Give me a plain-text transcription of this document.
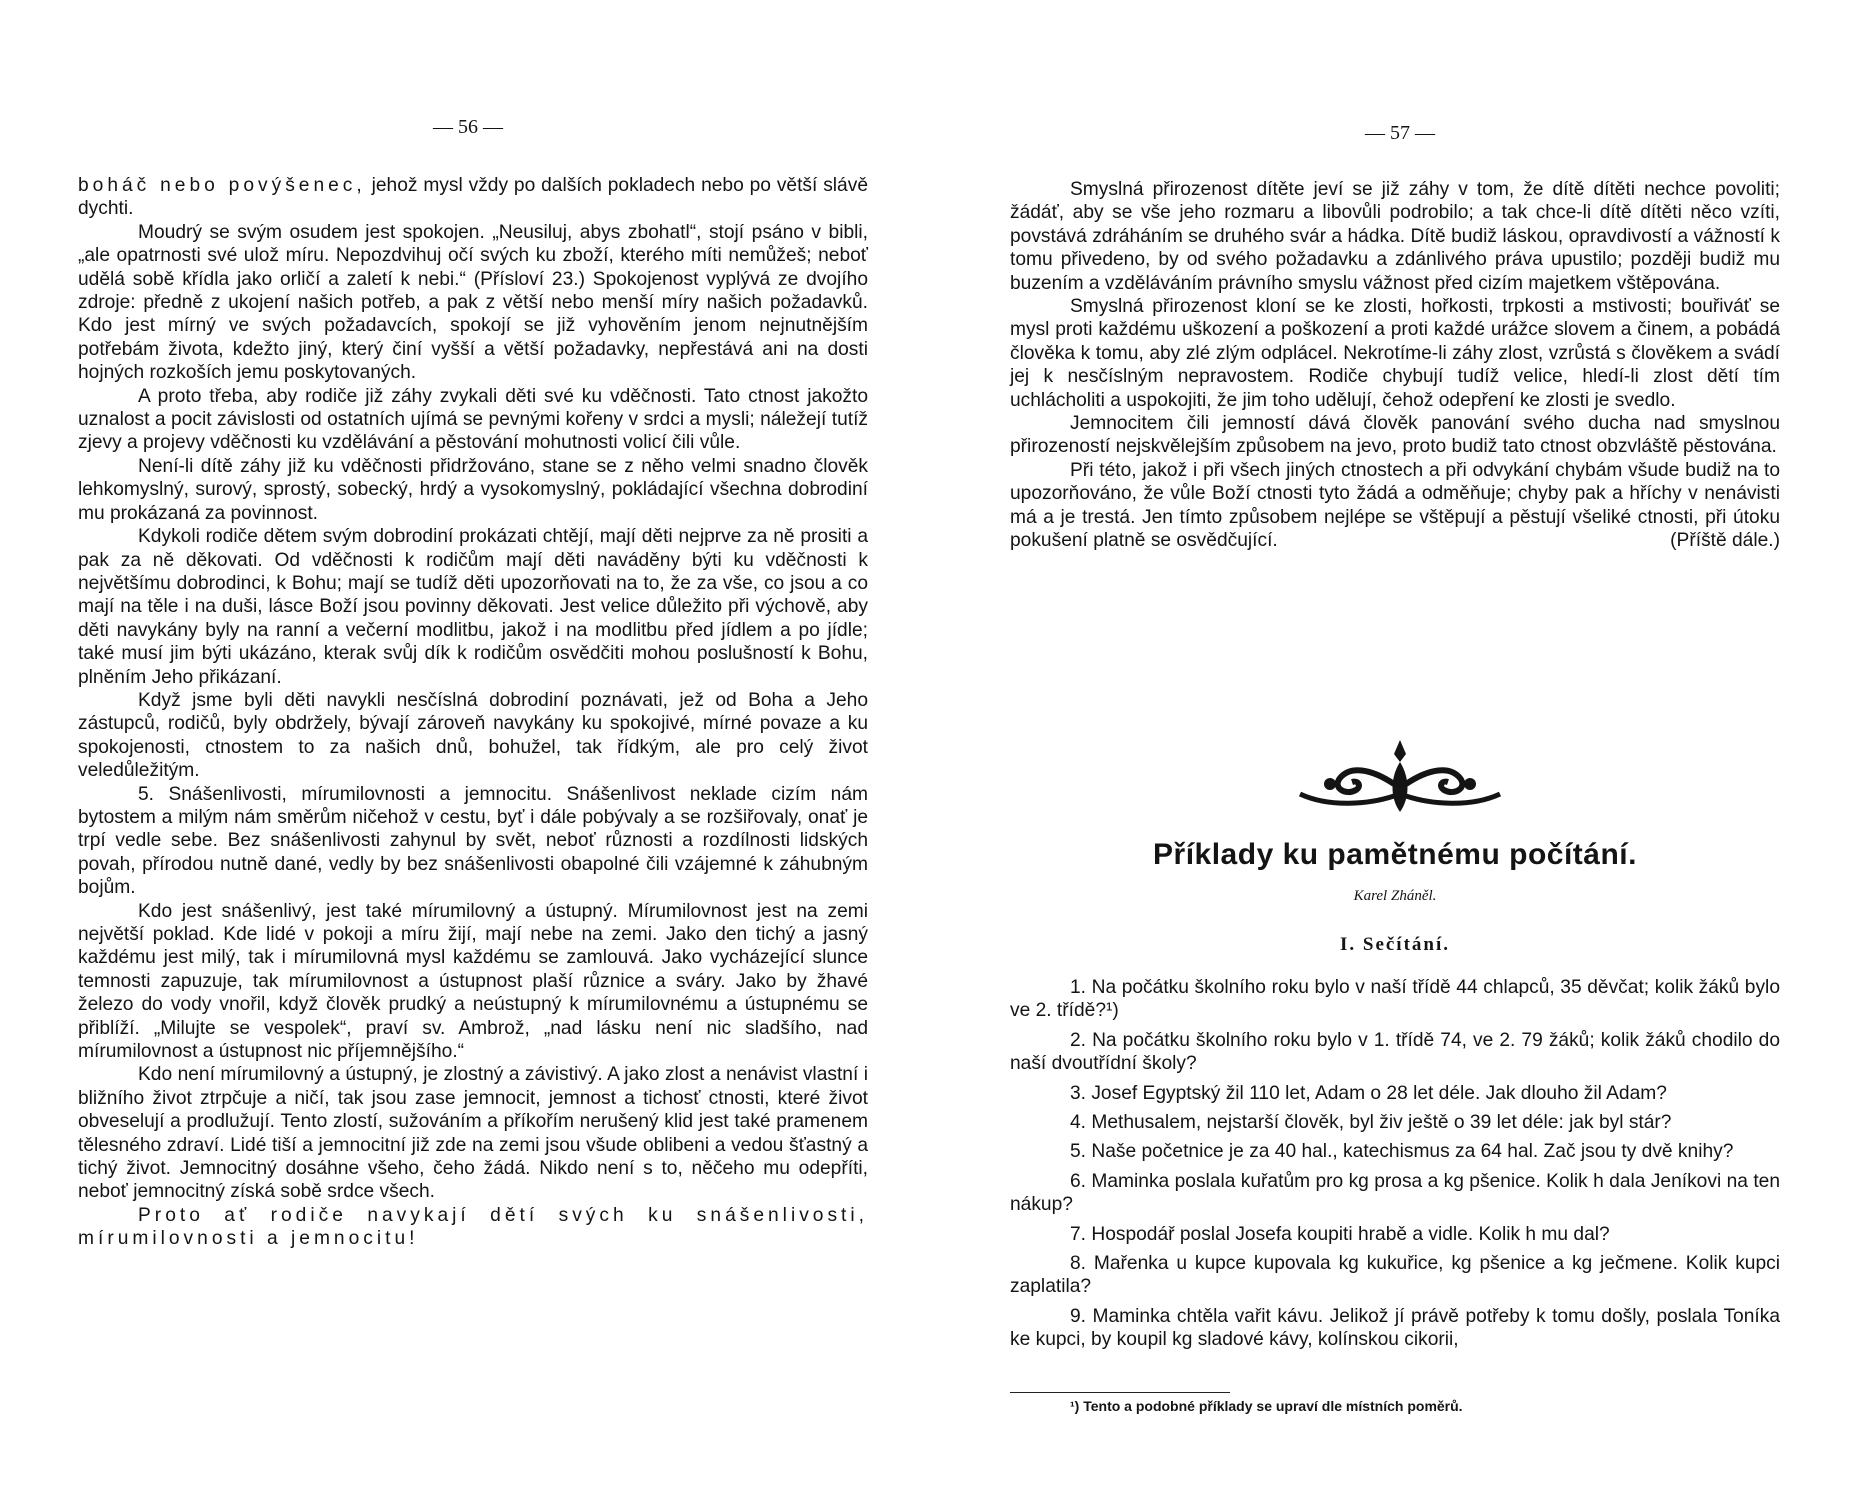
— 56 —

boháč nebo povýšenec, jehož mysl vždy po dalších pokladech nebo po větší slávě dychti.

Moudrý se svým osudem jest spokojen. „Neusiluj, abys zbohatl“, stojí psáno v bibli, „ale opatrnosti své ulož míru. Nepozdvihuj očí svých ku zboží, kterého míti nemůžeš; neboť udělá sobě křídla jako orličí a zaletí k nebi.“ (Přísloví 23.) Spokojenost vyplývá ze dvojího zdroje: předně z ukojení našich potřeb, a pak z větší nebo menší míry našich požadavků. Kdo jest mírný ve svých požadavcích, spokojí se již vyhověním jenom nejnutnějším potřebám života, kdežto jiný, který činí vyšší a větší požadavky, nepřestává ani na dosti hojných rozkoších jemu poskytovaných.

A proto třeba, aby rodiče již záhy zvykali děti své ku vděčnosti. Tato ctnost jakožto uznalost a pocit závislosti od ostatních ujímá se pevnými kořeny v srdci a mysli; náležejí tutíž zjevy a projevy vděčnosti ku vzdělávání a pěstování mohutnosti volicí čili vůle.

Není-li dítě záhy již ku vděčnosti přidržováno, stane se z něho velmi snadno člověk lehkomyslný, surový, sprostý, sobecký, hrdý a vysokomyslný, pokládající všechna dobrodiní mu prokázaná za povinnost.

Kdykoli rodiče dětem svým dobrodiní prokázati chtějí, mají děti nejprve za ně prositi a pak za ně děkovati. Od vděčnosti k rodičům mají děti naváděny býti ku vděčnosti k největšímu dobrodinci, k Bohu; mají se tudíž děti upozorňovati na to, že za vše, co jsou a co mají na těle i na duši, lásce Boží jsou povinny děkovati. Jest velice důležito při výchově, aby děti navykány byly na ranní a večerní modlitbu, jakož i na modlitbu před jídlem a po jídle; také musí jim býti ukázáno, kterak svůj dík k rodičům osvědčiti mohou poslušností k Bohu, plněním Jeho přikázaní.

Když jsme byli děti navykli nesčíslná dobrodiní poznávati, jež od Boha a Jeho zástupců, rodičů, byly obdržely, bývají zároveň navykány ku spokojivé, mírné povaze a ku spokojenosti, ctnostem to za našich dnů, bohužel, tak řídkým, ale pro celý život veledůležitým.

5. Snášenlivosti, mírumilovnosti a jemnocitu. Snášenlivost neklade cizím nám bytostem a milým nám směrům ničehož v cestu, byť i dále pobývaly a se rozšiřovaly, onať je trpí vedle sebe. Bez snášenlivosti zahynul by svět, neboť různosti a rozdílnosti lidských povah, přírodou nutně dané, vedly by bez snášenlivosti obapolné čili vzájemné k záhubným bojům.

Kdo jest snášenlivý, jest také mírumilovný a ústupný. Mírumilovnost jest na zemi největší poklad. Kde lidé v pokoji a míru žijí, mají nebe na zemi. Jako den tichý a jasný každému jest milý, tak i mírumilovná mysl každému se zamlouvá. Jako vycházející slunce temnosti zapuzuje, tak mírumilovnost a ústupnost plaší různice a sváry. Jako by žhavé železo do vody vnořil, když člověk prudký a neústupný k mírumilovnému a ústupnému se přiblíží. „Milujte se vespolek“, praví sv. Ambrož, „nad lásku není nic sladšího, nad mírumilovnost a ústupnost nic příjemnějšího.“

Kdo není mírumilovný a ústupný, je zlostný a závistivý. A jako zlost a nenávist vlastní i bližního život ztrpčuje a ničí, tak jsou zase jemnocit, jemnost a tichosť ctnosti, které život obveselují a prodlužují. Tento zlostí, sužováním a příkořím nerušený klid jest také pramenem tělesného zdraví. Lidé tiší a jemnocitní již zde na zemi jsou všude oblibeni a vedou šťastný a tichý život. Jemnocitný dosáhne všeho, čeho žádá. Nikdo není s to, něčeho mu odepříti, neboť jemnocitný získá sobě srdce všech.

Proto ať rodiče navykají dětí svých ku snášenlivosti, mírumilovnosti a jemnocitu!

— 57 —

Smyslná přirozenost dítěte jeví se již záhy v tom, že dítě dítěti nechce povoliti; žádáť, aby se vše jeho rozmaru a libovůli podrobilo; a tak chce-li dítě dítěti něco vzíti, povstává zdráháním se druhého svár a hádka. Dítě budiž láskou, opravdivostí a vážností k tomu přivedeno, by od svého požadavku a zdánlivého práva upustilo; později budiž mu buzením a vzděláváním právního smyslu vážnost před cizím majetkem vštěpována.

Smyslná přirozenost kloní se ke zlosti, hořkosti, trpkosti a mstivosti; bouřiváť se mysl proti každému uškození a poškození a proti každé urážce slovem a činem, a pobádá člověka k tomu, aby zlé zlým odplácel. Nekrotíme-li záhy zlost, vzrůstá s člověkem a svádí jej k nesčíslným nepravostem. Rodiče chybují tudíž velice, hledí-li zlost dětí tím uchlácholiti a uspokojiti, že jim toho udělují, čehož odepření ke zlosti je svedlo.

Jemnocitem čili jemností dává člověk panování svého ducha nad smyslnou přirozeností nejskvělejším způsobem na jevo, proto budiž tato ctnost obzvláště pěstována.

Při této, jakož i při všech jiných ctnostech a při odvykání chybám všude budiž na to upozorňováno, že vůle Boží ctnosti tyto žádá a odměňuje; chyby pak a hříchy v nenávisti má a je trestá. Jen tímto způsobem nejlépe se vštěpují a pěstují všeliké ctnosti, při útoku pokušení platně se osvědčující.	(Příště dále.)

Příklady ku pamětnému počítání.
Karel Zháněl.
I. Sečítání.

1. Na počátku školního roku bylo v naší třídě 44 chlapců, 35 děvčat; kolik žáků bylo ve 2. třídě?¹)

2. Na počátku školního roku bylo v 1. třídě 74, ve 2. 79 žáků; kolik žáků chodilo do naší dvoutřídní školy?

3. Josef Egyptský žil 110 let, Adam o 28 let déle. Jak dlouho žil Adam?

4. Methusalem, nejstarší člověk, byl živ ještě o 39 let déle: jak byl stár?

5. Naše početnice je za 40 hal., katechismus za 64 hal. Zač jsou ty dvě knihy?

6. Maminka poslala kuřatům pro kg prosa a kg pšenice. Kolik h dala Jeníkovi na ten nákup?

7. Hospodář poslal Josefa koupiti hrabě a vidle. Kolik h mu dal?

8. Mařenka u kupce kupovala kg kukuřice, kg pšenice a kg ječmene. Kolik kupci zaplatila?

9. Maminka chtěla vařit kávu. Jelikož jí právě potřeby k tomu došly, poslala Toníka ke kupci, by koupil kg sladové kávy, kolínskou cikorii,

¹) Tento a podobné příklady se upraví dle místních poměrů.
